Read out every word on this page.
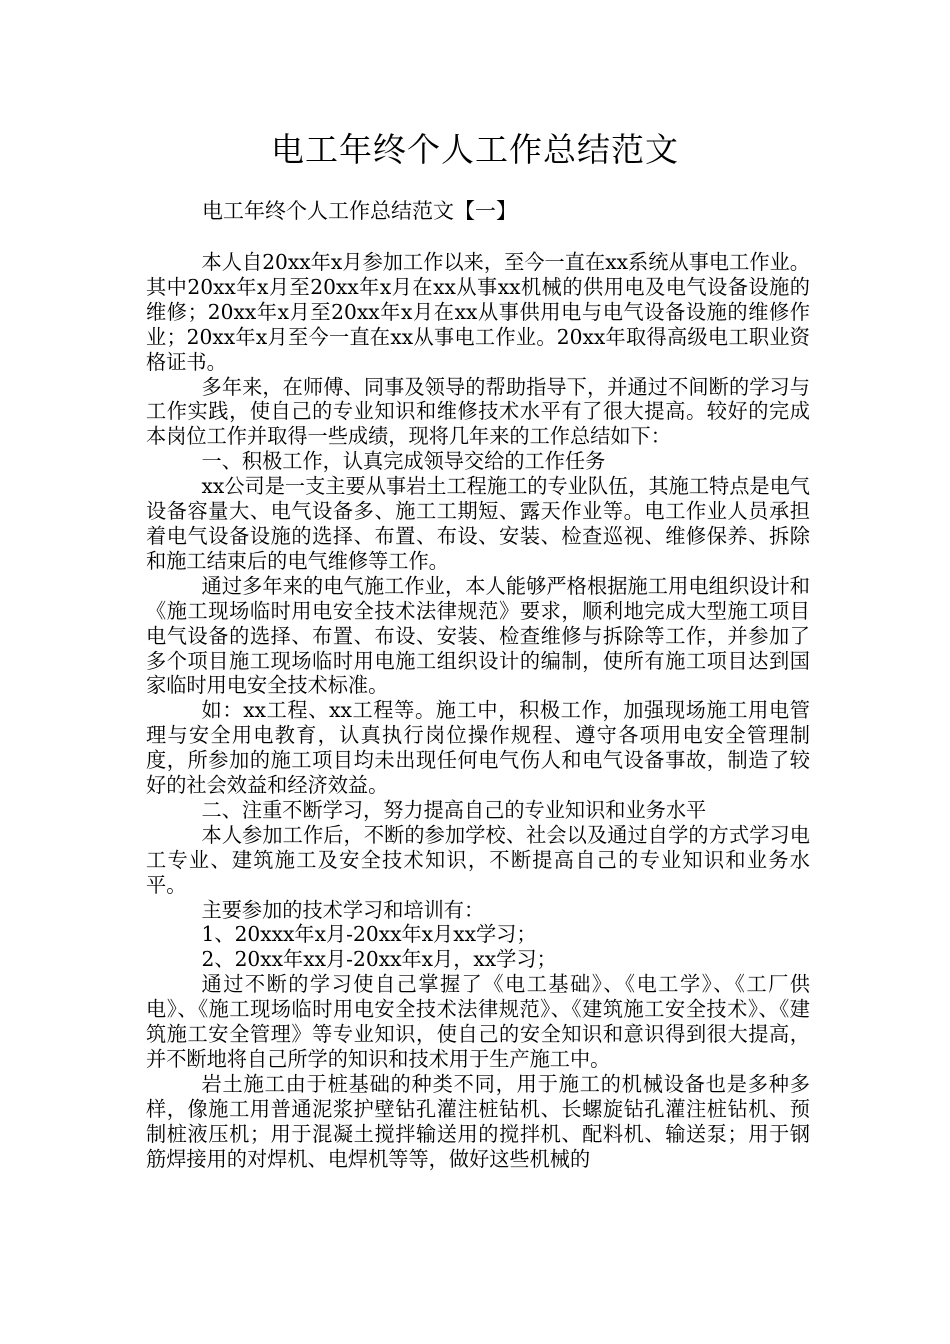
电工年终个人工作总结范文

电工年终个人工作总结范文【一】

本人自20xx年x月参加工作以来，至今一直在xx系统从事电工作业。其中20xx年x月至20xx年x月在xx从事xx机械的供用电及电气设备设施的维修；20xx年x月至20xx年x月在xx从事供用电与电气设备设施的维修作业；20xx年x月至今一直在xx从事电工作业。20xx年取得高级电工职业资格证书。

多年来，在师傅、同事及领导的帮助指导下，并通过不间断的学习与工作实践，使自己的专业知识和维修技术水平有了很大提高。较好的完成本岗位工作并取得一些成绩，现将几年来的工作总结如下：

一、积极工作，认真完成领导交给的工作任务

xx公司是一支主要从事岩土工程施工的专业队伍，其施工特点是电气设备容量大、电气设备多、施工工期短、露天作业等。电工作业人员承担着电气设备设施的选择、布置、布设、安装、检查巡视、维修保养、拆除和施工结束后的电气维修等工作。

通过多年来的电气施工作业，本人能够严格根据施工用电组织设计和《施工现场临时用电安全技术法律规范》要求，顺利地完成大型施工项目电气设备的选择、布置、布设、安装、检查维修与拆除等工作，并参加了多个项目施工现场临时用电施工组织设计的编制，使所有施工项目达到国家临时用电安全技术标准。

如：xx工程、xx工程等。施工中，积极工作，加强现场施工用电管理与安全用电教育，认真执行岗位操作规程、遵守各项用电安全管理制度，所参加的施工项目均未出现任何电气伤人和电气设备事故，制造了较好的社会效益和经济效益。

二、注重不断学习，努力提高自己的专业知识和业务水平

本人参加工作后，不断的参加学校、社会以及通过自学的方式学习电工专业、建筑施工及安全技术知识，不断提高自己的专业知识和业务水平。

主要参加的技术学习和培训有：

1、20xxx年x月-20xx年x月xx学习；

2、20xx年xx月-20xx年x月，xx学习；

通过不断的学习使自己掌握了《电工基础》、《电工学》、《工厂供电》、《施工现场临时用电安全技术法律规范》、《建筑施工安全技术》、《建筑施工安全管理》等专业知识，使自己的安全知识和意识得到很大提高，并不断地将自己所学的知识和技术用于生产施工中。

岩土施工由于桩基础的种类不同，用于施工的机械设备也是多种多样，像施工用普通泥浆护壁钻孔灌注桩钻机、长螺旋钻孔灌注桩钻机、预制桩液压机；用于混凝土搅拌输送用的搅拌机、配料机、输送泵；用于钢筋焊接用的对焊机、电焊机等等，做好这些机械的
